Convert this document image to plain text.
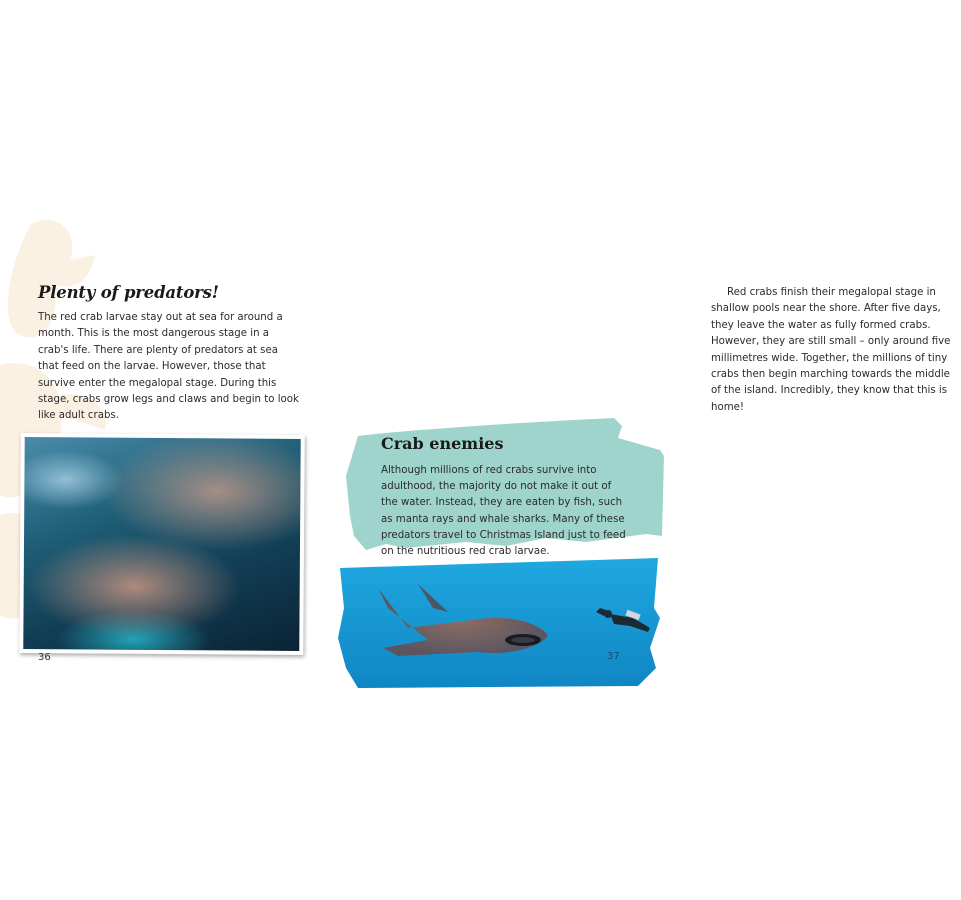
Plenty of predators!

The red crab larvae stay out at sea for around a month. This is the most dangerous stage in a crab's life. There are plenty of predators at sea that feed on the larvae. However, those that survive enter the megalopal stage. During this stage, crabs grow legs and claws and begin to look like adult crabs.

36

Red crabs finish their megalopal stage in shallow pools near the shore. After five days, they leave the water as fully formed crabs. However, they are still small – only around five millimetres wide. Together, the millions of tiny crabs then begin marching towards the middle of the island. Incredibly, they know that this is home!

Crab enemies

Although millions of red crabs survive into adulthood, the majority do not make it out of the water. Instead, they are eaten by fish, such as manta rays and whale sharks. Many of these predators travel to Christmas Island just to feed on the nutritious red crab larvae.

37
